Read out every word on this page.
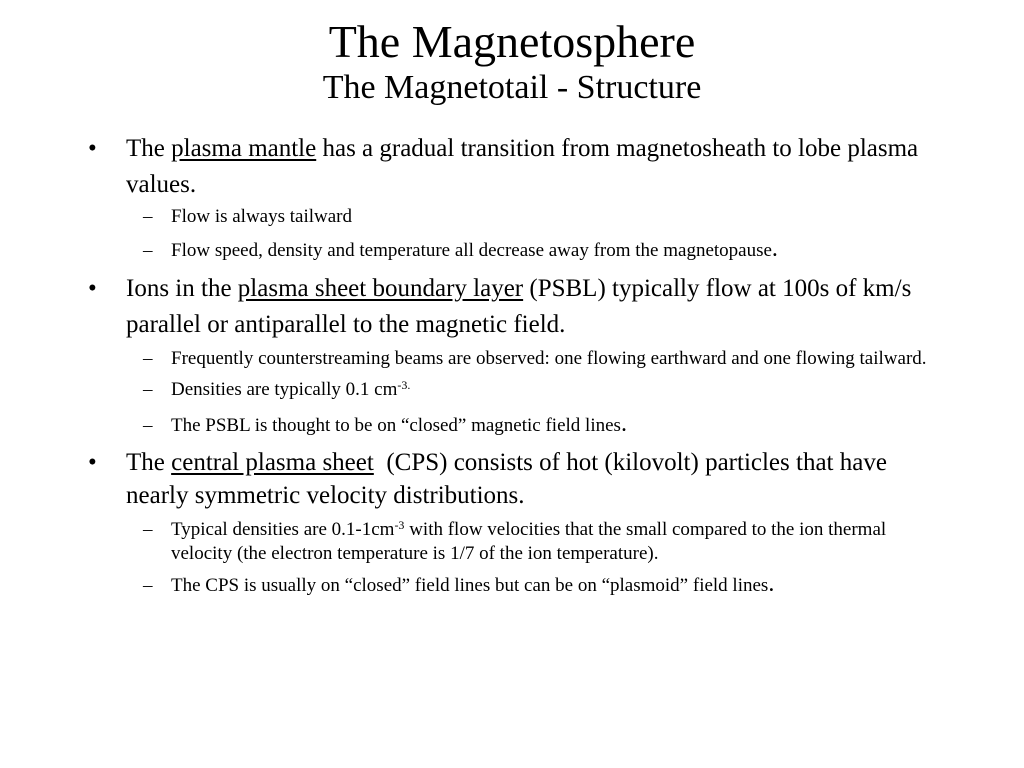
The Magnetosphere
The Magnetotail - Structure
• The plasma mantle has a gradual transition from magnetosheath to lobe plasma values.
– Flow is always tailward
– Flow speed, density and temperature all decrease away from the magnetopause.
• Ions in the plasma sheet boundary layer (PSBL) typically flow at 100s of km/s parallel or antiparallel to the magnetic field.
– Frequently counterstreaming beams are observed: one flowing earthward and one flowing tailward.
– Densities are typically 0.1 $cm^{-3.}$
– The PSBL is thought to be on “closed” magnetic field lines.
• The central plasma sheet  (CPS) consists of hot (kilovolt) particles that have nearly symmetric velocity distributions.
– Typical densities are $0.1-1cm^{-3}$ with flow velocities that the small compared to the ion thermal velocity (the electron temperature is 1/7 of the ion temperature).
– The CPS is usually on “closed” field lines but can be on “plasmoid” field lines.
